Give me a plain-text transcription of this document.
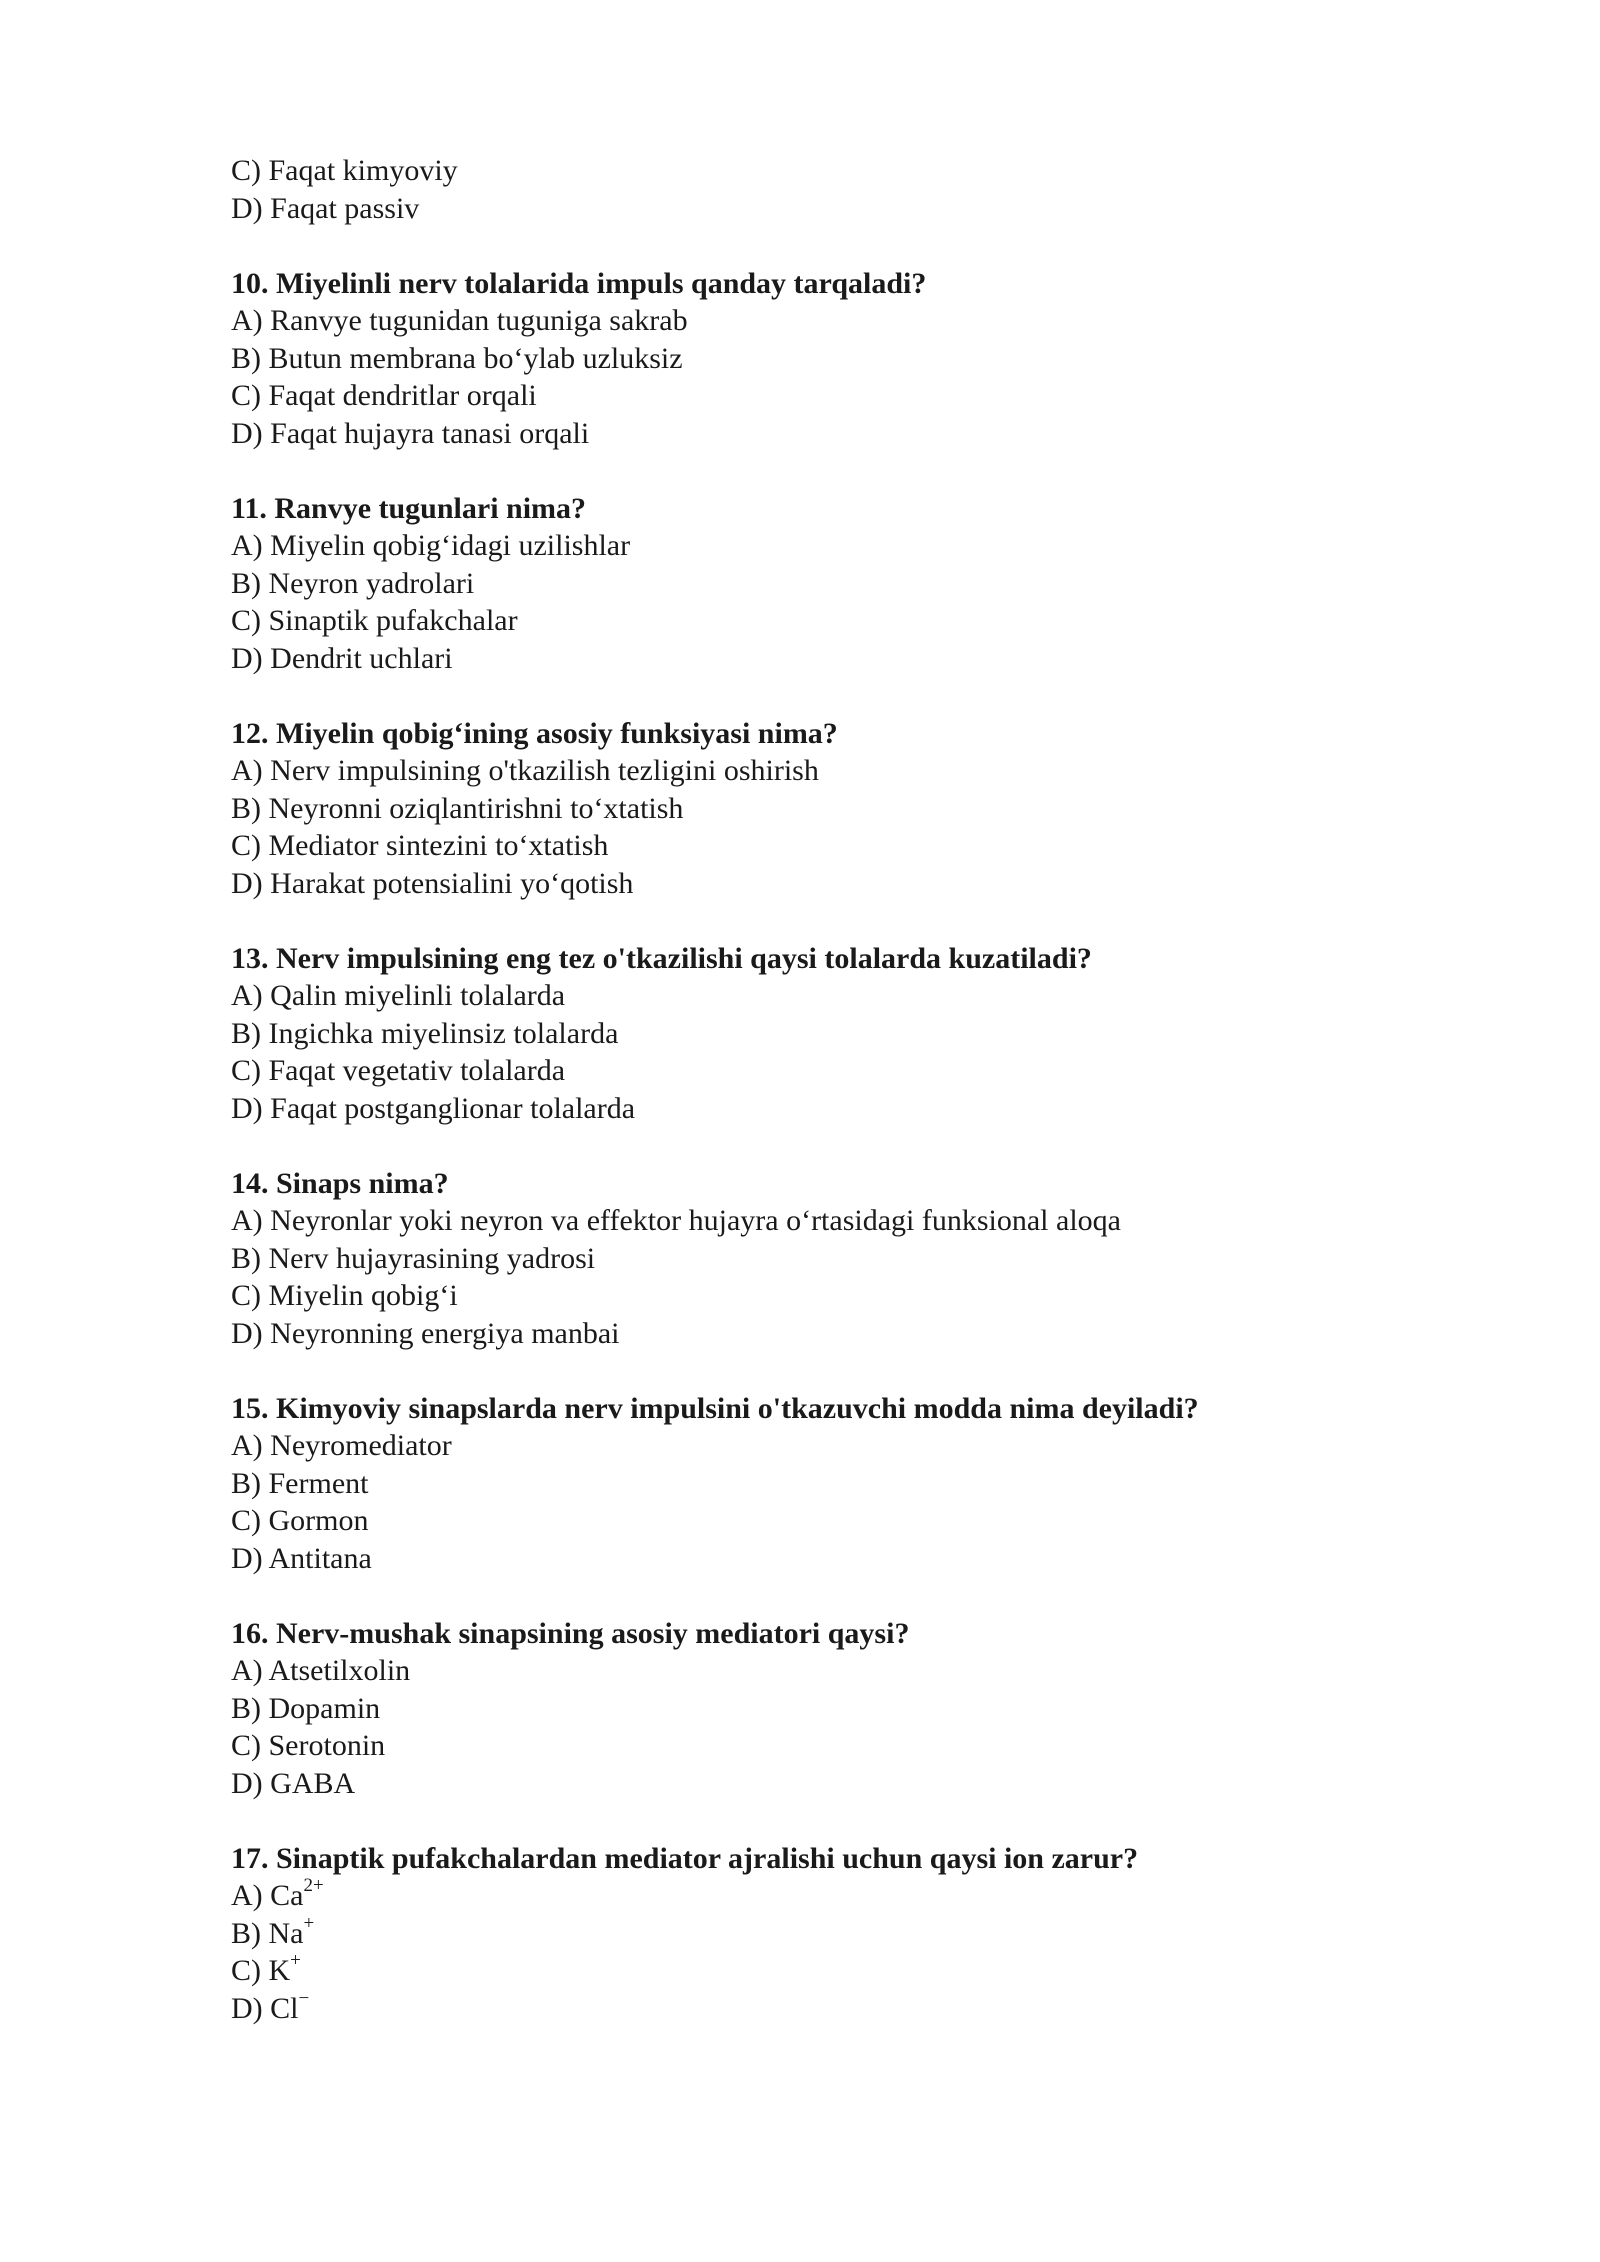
C) Faqat kimyoviy
D) Faqat passiv
10. Miyelinli nerv tolalarida impuls qanday tarqaladi?
A) Ranvye tugunidan tuguniga sakrab
B) Butun membrana bo‘ylab uzluksiz
C) Faqat dendritlar orqali
D) Faqat hujayra tanasi orqali
11. Ranvye tugunlari nima?
A) Miyelin qobig‘idagi uzilishlar
B) Neyron yadrolari
C) Sinaptik pufakchalar
D) Dendrit uchlari
12. Miyelin qobig‘ining asosiy funksiyasi nima?
A) Nerv impulsining o'tkazilish tezligini oshirish
B) Neyronni oziqlantirishni to‘xtatish
C) Mediator sintezini to‘xtatish
D) Harakat potensialini yo‘qotish
13. Nerv impulsining eng tez o'tkazilishi qaysi tolalarda kuzatiladi?
A) Qalin miyelinli tolalarda
B) Ingichka miyelinsiz tolalarda
C) Faqat vegetativ tolalarda
D) Faqat postganglionar tolalarda
14. Sinaps nima?
A) Neyronlar yoki neyron va effektor hujayra o‘rtasidagi funksional aloqa
B) Nerv hujayrasining yadrosi
C) Miyelin qobig‘i
D) Neyronning energiya manbai
15. Kimyoviy sinapslarda nerv impulsini o'tkazuvchi modda nima deyiladi?
A) Neyromediator
B) Ferment
C) Gormon
D) Antitana
16. Nerv-mushak sinapsining asosiy mediatori qaysi?
A) Atsetilxolin
B) Dopamin
C) Serotonin
D) GABA
17. Sinaptik pufakchalardan mediator ajralishi uchun qaysi ion zarur?
A) $Ca^{2+}$
B) Na+
C) K+
D) Cl−
